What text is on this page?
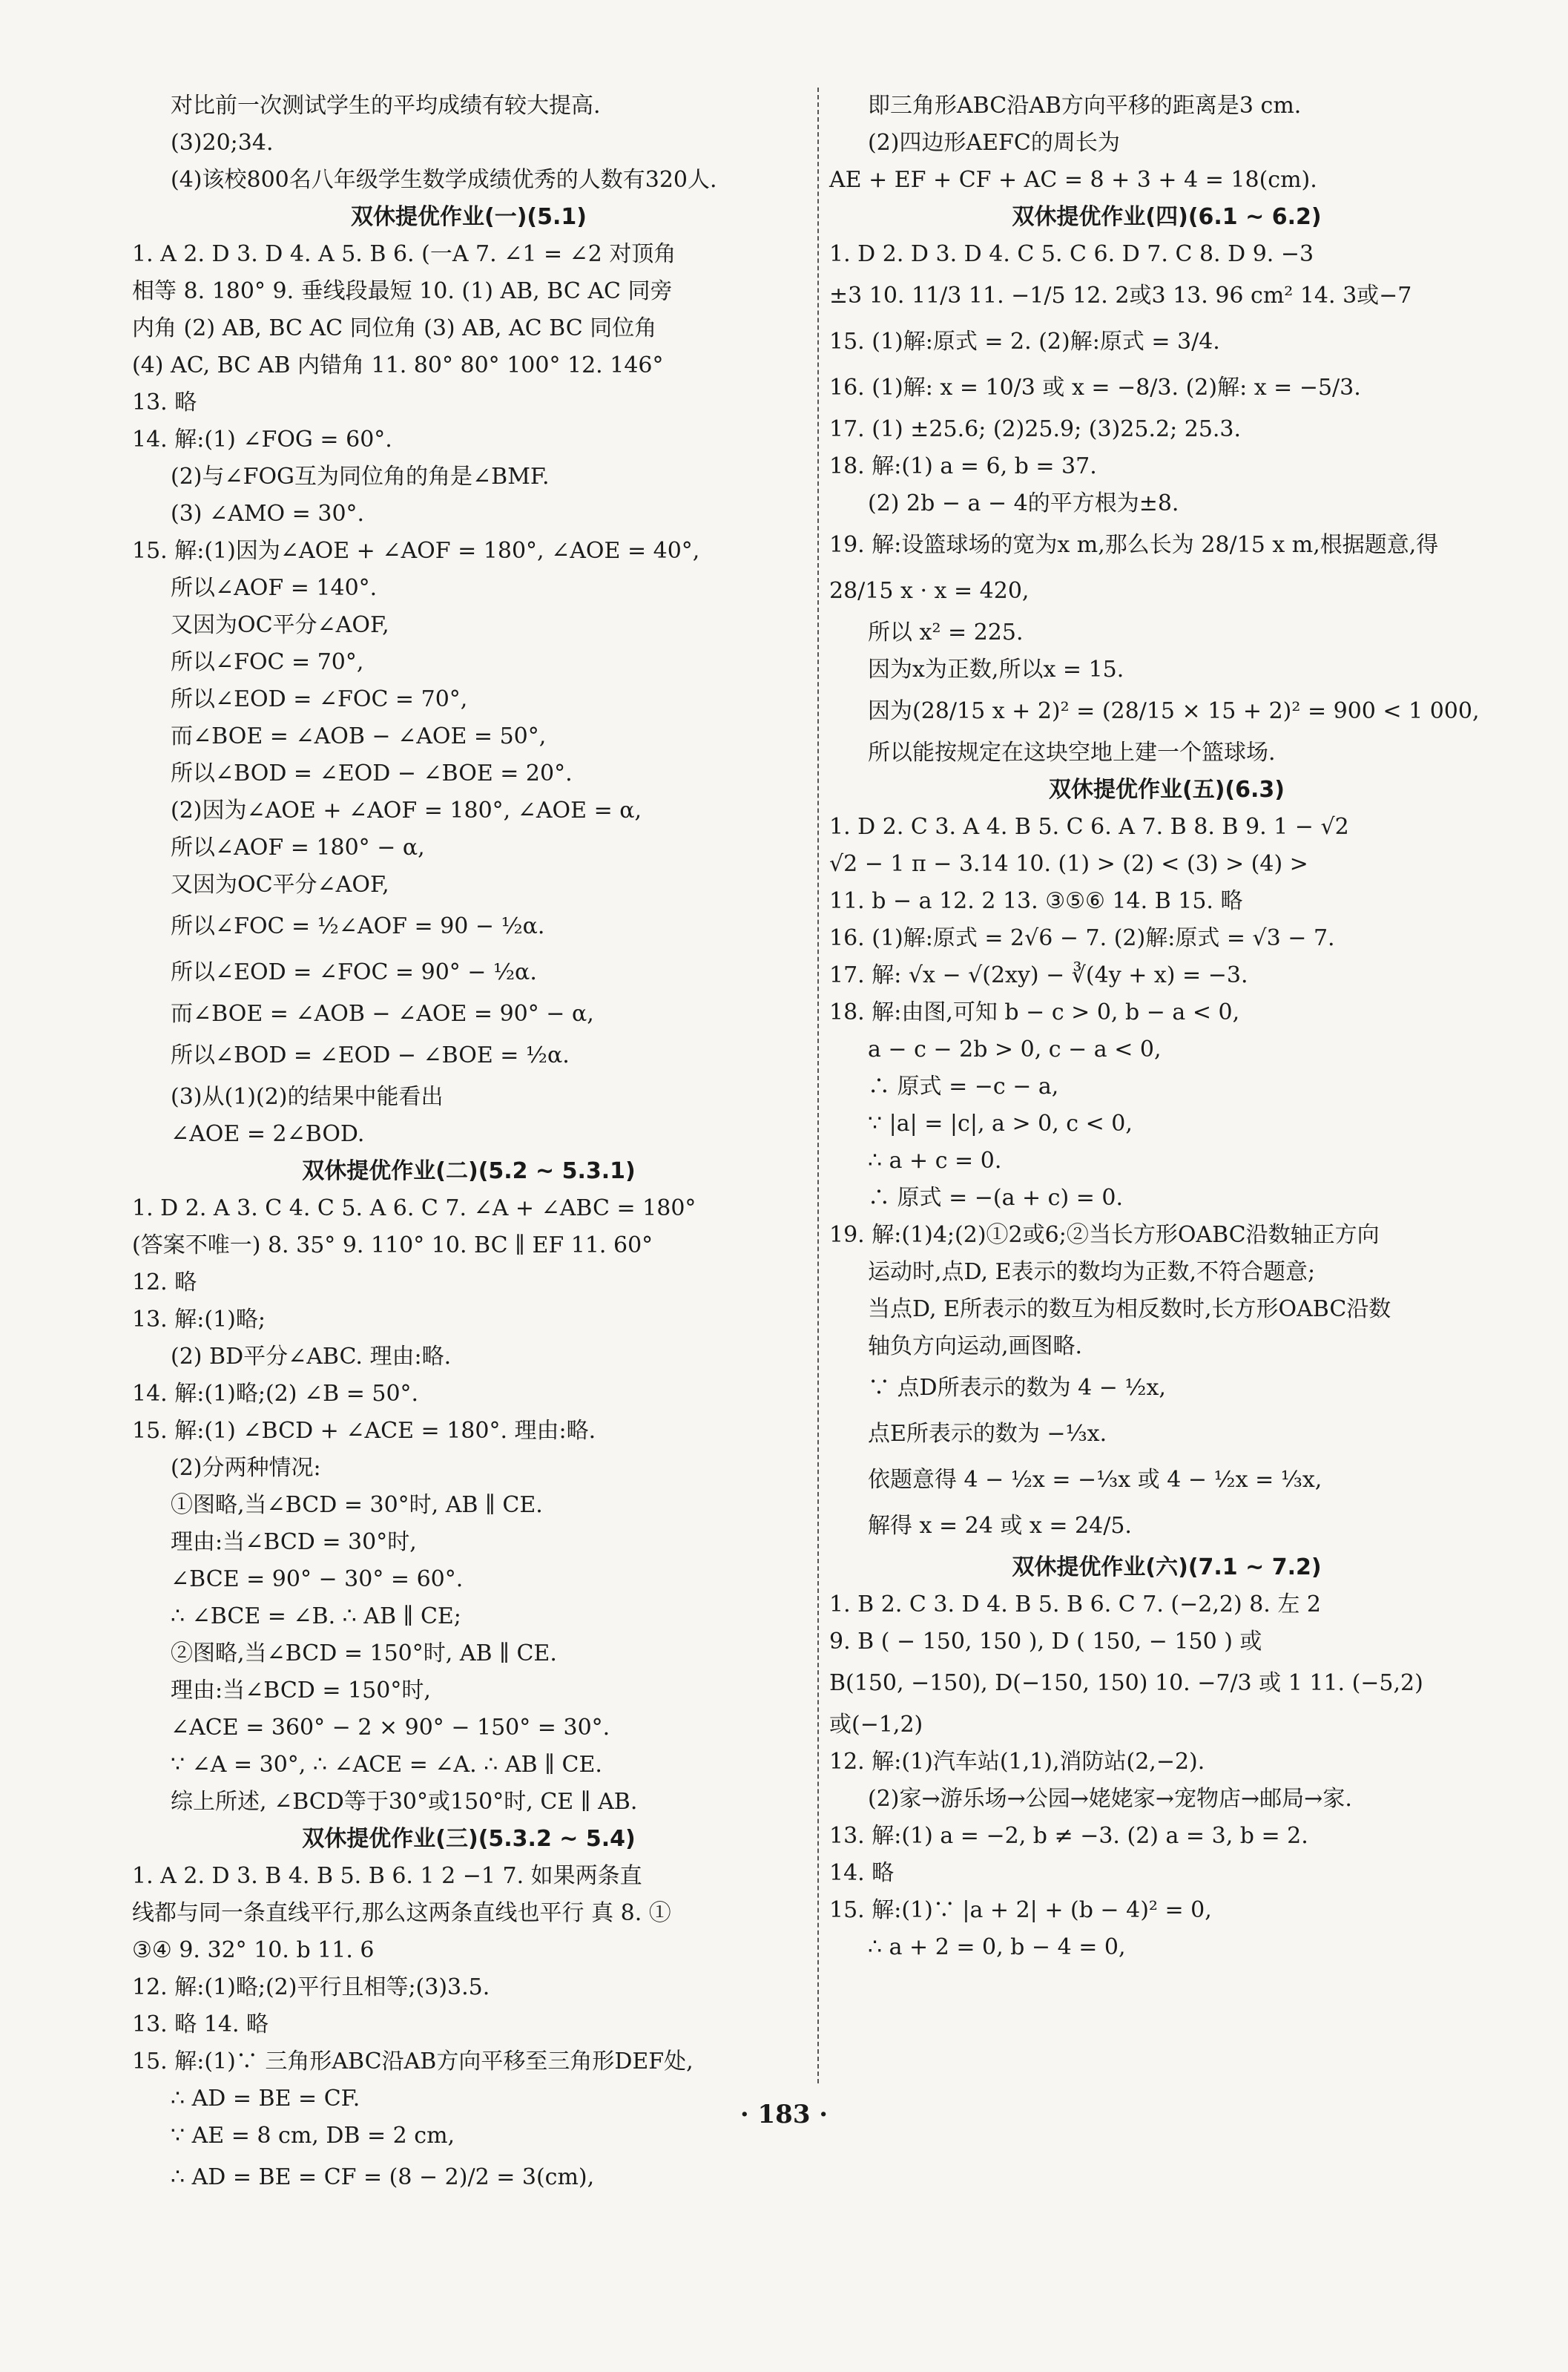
对比前一次测试学生的平均成绩有较大提高.
(3)20;34.
(4)该校800名八年级学生数学成绩优秀的人数有320人.
双休提优作业(一)(5.1)
1. A 2. D 3. D 4. A 5. B 6. (一A 7. ∠1 = ∠2 对顶角
相等 8. 180° 9. 垂线段最短 10. (1) AB, BC AC 同旁
内角 (2) AB, BC AC 同位角 (3) AB, AC BC 同位角
(4) AC, BC AB 内错角 11. 80° 80° 100° 12. 146°
13. 略
14. 解:(1) ∠FOG = 60°.
(2)与∠FOG互为同位角的角是∠BMF.
(3) ∠AMO = 30°.
15. 解:(1)因为∠AOE + ∠AOF = 180°, ∠AOE = 40°,
所以∠AOF = 140°.
又因为OC平分∠AOF,
所以∠FOC = 70°,
所以∠EOD = ∠FOC = 70°,
而∠BOE = ∠AOB − ∠AOE = 50°,
所以∠BOD = ∠EOD − ∠BOE = 20°.
(2)因为∠AOE + ∠AOF = 180°, ∠AOE = α,
所以∠AOF = 180° − α,
又因为OC平分∠AOF,
所以∠FOC = ½∠AOF = 90 − ½α.
所以∠EOD = ∠FOC = 90° − ½α.
而∠BOE = ∠AOB − ∠AOE = 90° − α,
所以∠BOD = ∠EOD − ∠BOE = ½α.
(3)从(1)(2)的结果中能看出
∠AOE = 2∠BOD.
双休提优作业(二)(5.2 ~ 5.3.1)
1. D 2. A 3. C 4. C 5. A 6. C 7. ∠A + ∠ABC = 180°
(答案不唯一) 8. 35° 9. 110° 10. BC ∥ EF 11. 60°
12. 略
13. 解:(1)略;
(2) BD平分∠ABC. 理由:略.
14. 解:(1)略;(2) ∠B = 50°.
15. 解:(1) ∠BCD + ∠ACE = 180°. 理由:略.
(2)分两种情况:
①图略,当∠BCD = 30°时, AB ∥ CE.
理由:当∠BCD = 30°时,
∠BCE = 90° − 30° = 60°.
∴ ∠BCE = ∠B. ∴ AB ∥ CE;
②图略,当∠BCD = 150°时, AB ∥ CE.
理由:当∠BCD = 150°时,
∠ACE = 360° − 2 × 90° − 150° = 30°.
∵ ∠A = 30°, ∴ ∠ACE = ∠A. ∴ AB ∥ CE.
综上所述, ∠BCD等于30°或150°时, CE ∥ AB.
双休提优作业(三)(5.3.2 ~ 5.4)
1. A 2. D 3. B 4. B 5. B 6. 1 2 −1 7. 如果两条直
线都与同一条直线平行,那么这两条直线也平行 真 8. ①
③④ 9. 32° 10. b 11. 6
12. 解:(1)略;(2)平行且相等;(3)3.5.
13. 略 14. 略
15. 解:(1)∵ 三角形ABC沿AB方向平移至三角形DEF处,
∴ AD = BE = CF.
∵ AE = 8 cm, DB = 2 cm,
∴ AD = BE = CF = (8 − 2)/2 = 3(cm),
即三角形ABC沿AB方向平移的距离是3 cm.
(2)四边形AEFC的周长为
AE + EF + CF + AC = 8 + 3 + 4 = 18(cm).
双休提优作业(四)(6.1 ~ 6.2)
1. D 2. D 3. D 4. C 5. C 6. D 7. C 8. D 9. −3
±3 10. 11/3 11. −1/5 12. 2或3 13. 96 cm² 14. 3或−7
15. (1)解:原式 = 2. (2)解:原式 = 3/4.
16. (1)解: x = 10/3 或 x = −8/3. (2)解: x = −5/3.
17. (1) ±25.6; (2)25.9; (3)25.2; 25.3.
18. 解:(1) a = 6, b = 37.
(2) 2b − a − 4的平方根为±8.
19. 解:设篮球场的宽为x m,那么长为 28/15 x m,根据题意,得
28/15 x · x = 420,
所以 x² = 225.
因为x为正数,所以x = 15.
因为(28/15 x + 2)² = (28/15 × 15 + 2)² = 900 < 1 000,
所以能按规定在这块空地上建一个篮球场.
双休提优作业(五)(6.3)
1. D 2. C 3. A 4. B 5. C 6. A 7. B 8. B 9. 1 − √2
√2 − 1 π − 3.14 10. (1) > (2) < (3) > (4) >
11. b − a 12. 2 13. ③⑤⑥ 14. B 15. 略
16. (1)解:原式 = 2√6 − 7. (2)解:原式 = √3 − 7.
17. 解: √x − √(2xy) − ∛(4y + x) = −3.
18. 解:由图,可知 b − c > 0, b − a < 0,
a − c − 2b > 0, c − a < 0,
∴ 原式 = −c − a,
∵ |a| = |c|, a > 0, c < 0,
∴ a + c = 0.
∴ 原式 = −(a + c) = 0.
19. 解:(1)4;(2)①2或6;②当长方形OABC沿数轴正方向
运动时,点D, E表示的数均为正数,不符合题意;
当点D, E所表示的数互为相反数时,长方形OABC沿数
轴负方向运动,画图略.
∵ 点D所表示的数为 4 − ½x,
点E所表示的数为 −⅓x.
依题意得 4 − ½x = −⅓x 或 4 − ½x = ⅓x,
解得 x = 24 或 x = 24/5.
双休提优作业(六)(7.1 ~ 7.2)
1. B 2. C 3. D 4. B 5. B 6. C 7. (−2,2) 8. 左 2
9. B ( − 150, 150 ), D ( 150, − 150 ) 或
B(150, −150), D(−150, 150) 10. −7/3 或 1 11. (−5,2)
或(−1,2)
12. 解:(1)汽车站(1,1),消防站(2,−2).
(2)家→游乐场→公园→姥姥家→宠物店→邮局→家.
13. 解:(1) a = −2, b ≠ −3. (2) a = 3, b = 2.
14. 略
15. 解:(1)∵ |a + 2| + (b − 4)² = 0,
∴ a + 2 = 0, b − 4 = 0,
· 183 ·
